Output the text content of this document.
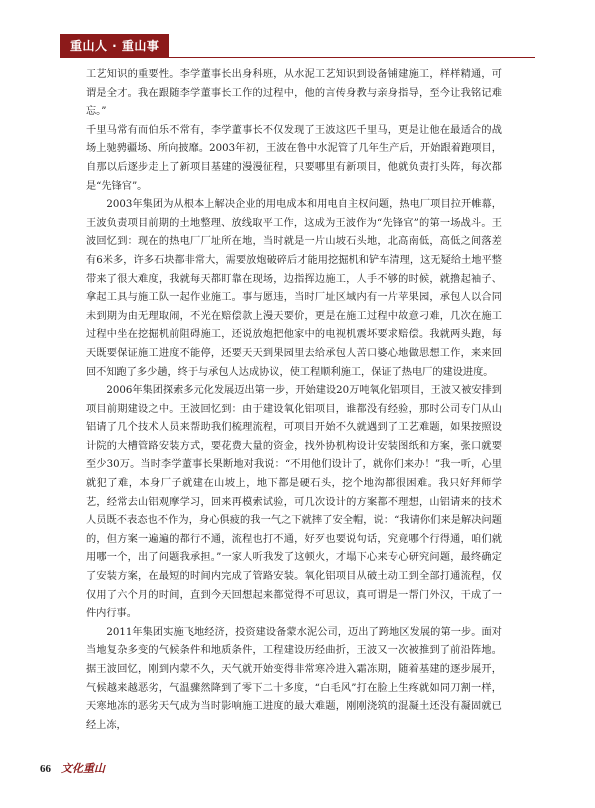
重山人 · 重山事

工艺知识的重要性。李学董事长出身科班，从水泥工艺知识到设备铺建施工，样样精通，可谓是全才。我在跟随李学董事长工作的过程中，他的言传身教与亲身指导，至今让我铭记难忘。”

千里马常有而伯乐不常有，李学董事长不仅发现了王波这匹千里马，更是让他在最适合的战场上驰骋疆场、所向披靡。2003年初，王波在鲁中水泥管了几年生产后，开始跟着跑项目，自那以后逐步走上了新项目基建的漫漫征程，只要哪里有新项目，他就负责打头阵，每次都是“先锋官”。

2003年集团为从根本上解决企业的用电成本和用电自主权问题，热电厂项目拉开帷幕，王波负责项目前期的土地整理、放线取平工作，这成为王波作为“先锋官”的第一场战斗。王波回忆到：现在的热电厂厂址所在地，当时就是一片山坡石头地，北高南低，高低之间落差有6米多，许多石块都非常大，需要放炮破碎后才能用挖掘机和铲车清理，这无疑给土地平整带来了很大难度，我就每天都盯靠在现场，边指挥边施工，人手不够的时候，就撸起袖子、拿起工具与施工队一起作业施工。事与愿违，当时厂址区域内有一片苹果园，承包人以合同未到期为由无理取闹，不光在赔偿款上漫天要价，更是在施工过程中故意刁难，几次在施工过程中坐在挖掘机前阻碍施工，还说放炮把他家中的电视机震坏要求赔偿。我就两头跑，每天既要保证施工进度不能停，还要天天到果园里去给承包人苦口婆心地做思想工作，来来回回不知跑了多少趟，终于与承包人达成协议，使工程顺利施工，保证了热电厂的建设进度。

2006年集团探索多元化发展迈出第一步，开始建设20万吨氧化铝项目，王波又被安排到项目前期建设之中。王波回忆到：由于建设氧化铝项目，谁都没有经验，那时公司专门从山铝请了几个技术人员来帮助我们梳理流程，可项目开始不久就遇到了工艺难题，如果按照设计院的大槽管路安装方式，要花费大量的资金，找外协机构设计安装图纸和方案，张口就要至少30万。当时李学董事长果断地对我说：“不用他们设计了，就你们来办！”我一听，心里就犯了难，本身厂子就建在山坡上，地下都是硬石头，挖个地沟都很困难。我只好拜师学艺，经常去山铝观摩学习，回来再模索试验，可几次设计的方案都不理想，山铝请来的技术人员既不表态也不作为，身心俱疲的我一气之下就摔了安全帽，说：“我请你们来是解决问题的，但方案一遍遍的都行不通，流程也打不通，好歹也要说句话，究竟哪个行得通，咱们就用哪一个，出了问题我承担。”一家人听我发了这顿火，才塌下心来专心研究问题，最终确定了安装方案，在最短的时间内完成了管路安装。氧化铝项目从破土动工到全部打通流程，仅仅用了六个月的时间，直到今天回想起来都觉得不可思议，真可谓是一帮门外汉，干成了一件内行事。

2011年集团实施飞地经济，投资建设备蒙水泥公司，迈出了跨地区发展的第一步。面对当地复杂多变的气候条件和地质条件，工程建设历经曲折，王波又一次被推到了前沿阵地。据王波回忆，刚到内蒙不久，天气就开始变得非常寒冷进入霜冻期，随着基建的逐步展开，气候越来越恶劣，气温骤然降到了零下二十多度，“白毛风”打在脸上生疼就如同刀割一样，天寒地冻的恶劣天气成为当时影响施工进度的最大难题，刚刚浇筑的混凝土还没有凝固就已经上冻，

66 文化重山
